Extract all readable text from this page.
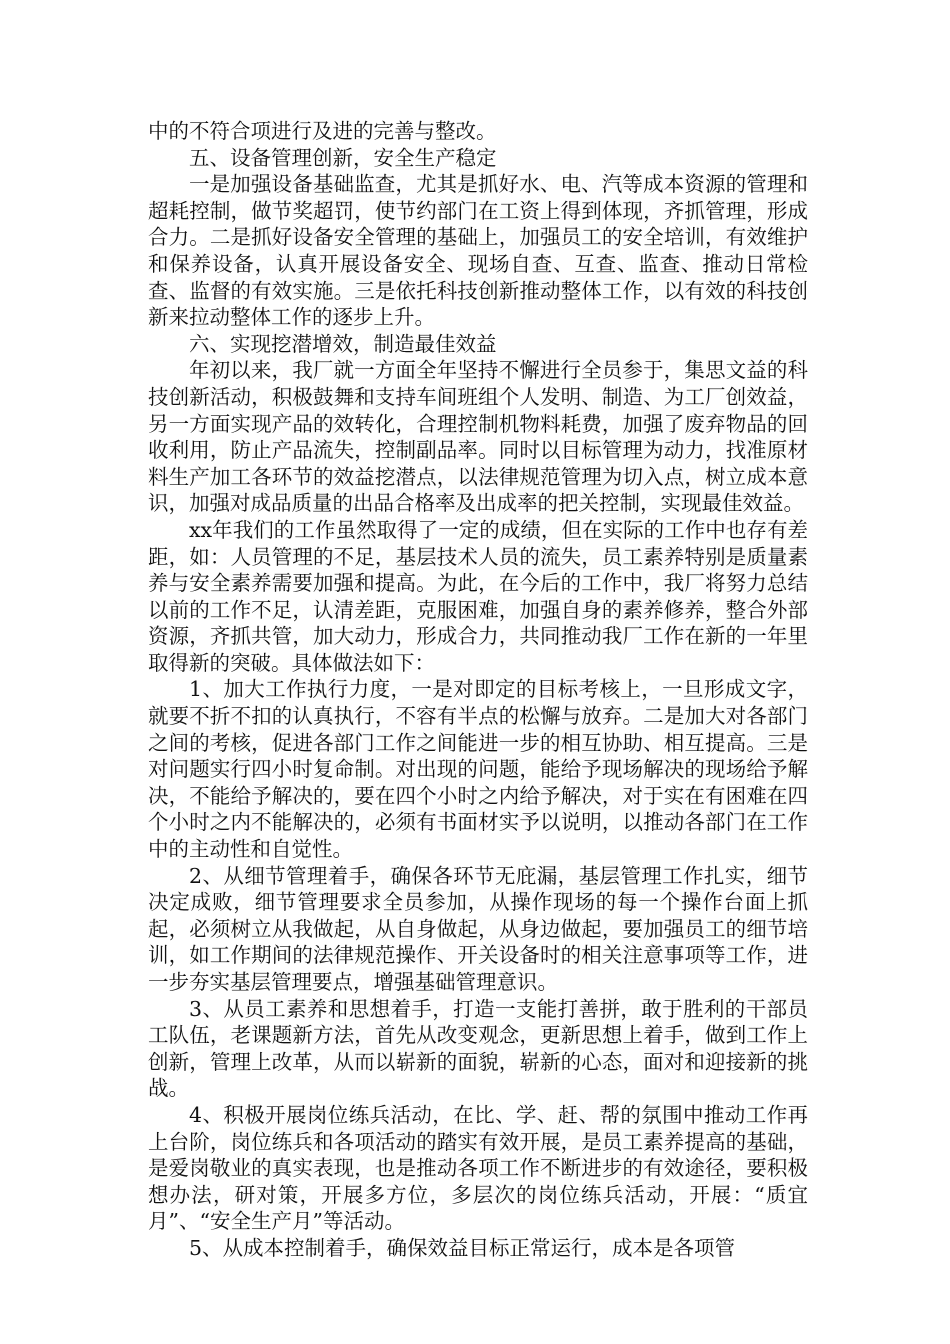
中的不符合项进行及进的完善与整改。

五、设备管理创新，安全生产稳定

一是加强设备基础监查，尤其是抓好水、电、汽等成本资源的管理和超耗控制，做节奖超罚，使节约部门在工资上得到体现，齐抓管理，形成合力。二是抓好设备安全管理的基础上，加强员工的安全培训，有效维护和保养设备，认真开展设备安全、现场自查、互查、监查、推动日常检查、监督的有效实施。三是依托科技创新推动整体工作，以有效的科技创新来拉动整体工作的逐步上升。

六、实现挖潜增效，制造最佳效益

年初以来，我厂就一方面全年坚持不懈进行全员参于，集思文益的科技创新活动，积极鼓舞和支持车间班组个人发明、制造、为工厂创效益，另一方面实现产品的效转化，合理控制机物料耗费，加强了废弃物品的回收利用，防止产品流失，控制副品率。同时以目标管理为动力，找准原材料生产加工各环节的效益挖潜点，以法律规范管理为切入点，树立成本意识，加强对成品质量的出品合格率及出成率的把关控制，实现最佳效益。

xx年我们的工作虽然取得了一定的成绩，但在实际的工作中也存有差距，如：人员管理的不足，基层技术人员的流失，员工素养特别是质量素养与安全素养需要加强和提高。为此，在今后的工作中，我厂将努力总结以前的工作不足，认清差距，克服困难，加强自身的素养修养，整合外部资源，齐抓共管，加大动力，形成合力，共同推动我厂工作在新的一年里取得新的突破。具体做法如下：

1、加大工作执行力度，一是对即定的目标考核上，一旦形成文字，就要不折不扣的认真执行，不容有半点的松懈与放弃。二是加大对各部门之间的考核，促进各部门工作之间能进一步的相互协助、相互提高。三是对问题实行四小时复命制。对出现的问题，能给予现场解决的现场给予解决，不能给予解决的，要在四个小时之内给予解决，对于实在有困难在四个小时之内不能解决的，必须有书面材实予以说明，以推动各部门在工作中的主动性和自觉性。

2、从细节管理着手，确保各环节无庇漏，基层管理工作扎实，细节决定成败，细节管理要求全员参加，从操作现场的每一个操作台面上抓起，必须树立从我做起，从自身做起，从身边做起，要加强员工的细节培训，如工作期间的法律规范操作、开关设备时的相关注意事项等工作，进一步夯实基层管理要点，增强基础管理意识。

3、从员工素养和思想着手，打造一支能打善拼，敢于胜利的干部员工队伍，老课题新方法，首先从改变观念，更新思想上着手，做到工作上创新，管理上改革，从而以崭新的面貌，崭新的心态，面对和迎接新的挑战。

4、积极开展岗位练兵活动，在比、学、赶、帮的氛围中推动工作再上台阶，岗位练兵和各项活动的踏实有效开展，是员工素养提高的基础，是爱岗敬业的真实表现，也是推动各项工作不断进步的有效途径，要积极想办法，研对策，开展多方位，多层次的岗位练兵活动，开展：“质宜月”、“安全生产月”等活动。

5、从成本控制着手，确保效益目标正常运行，成本是各项管
